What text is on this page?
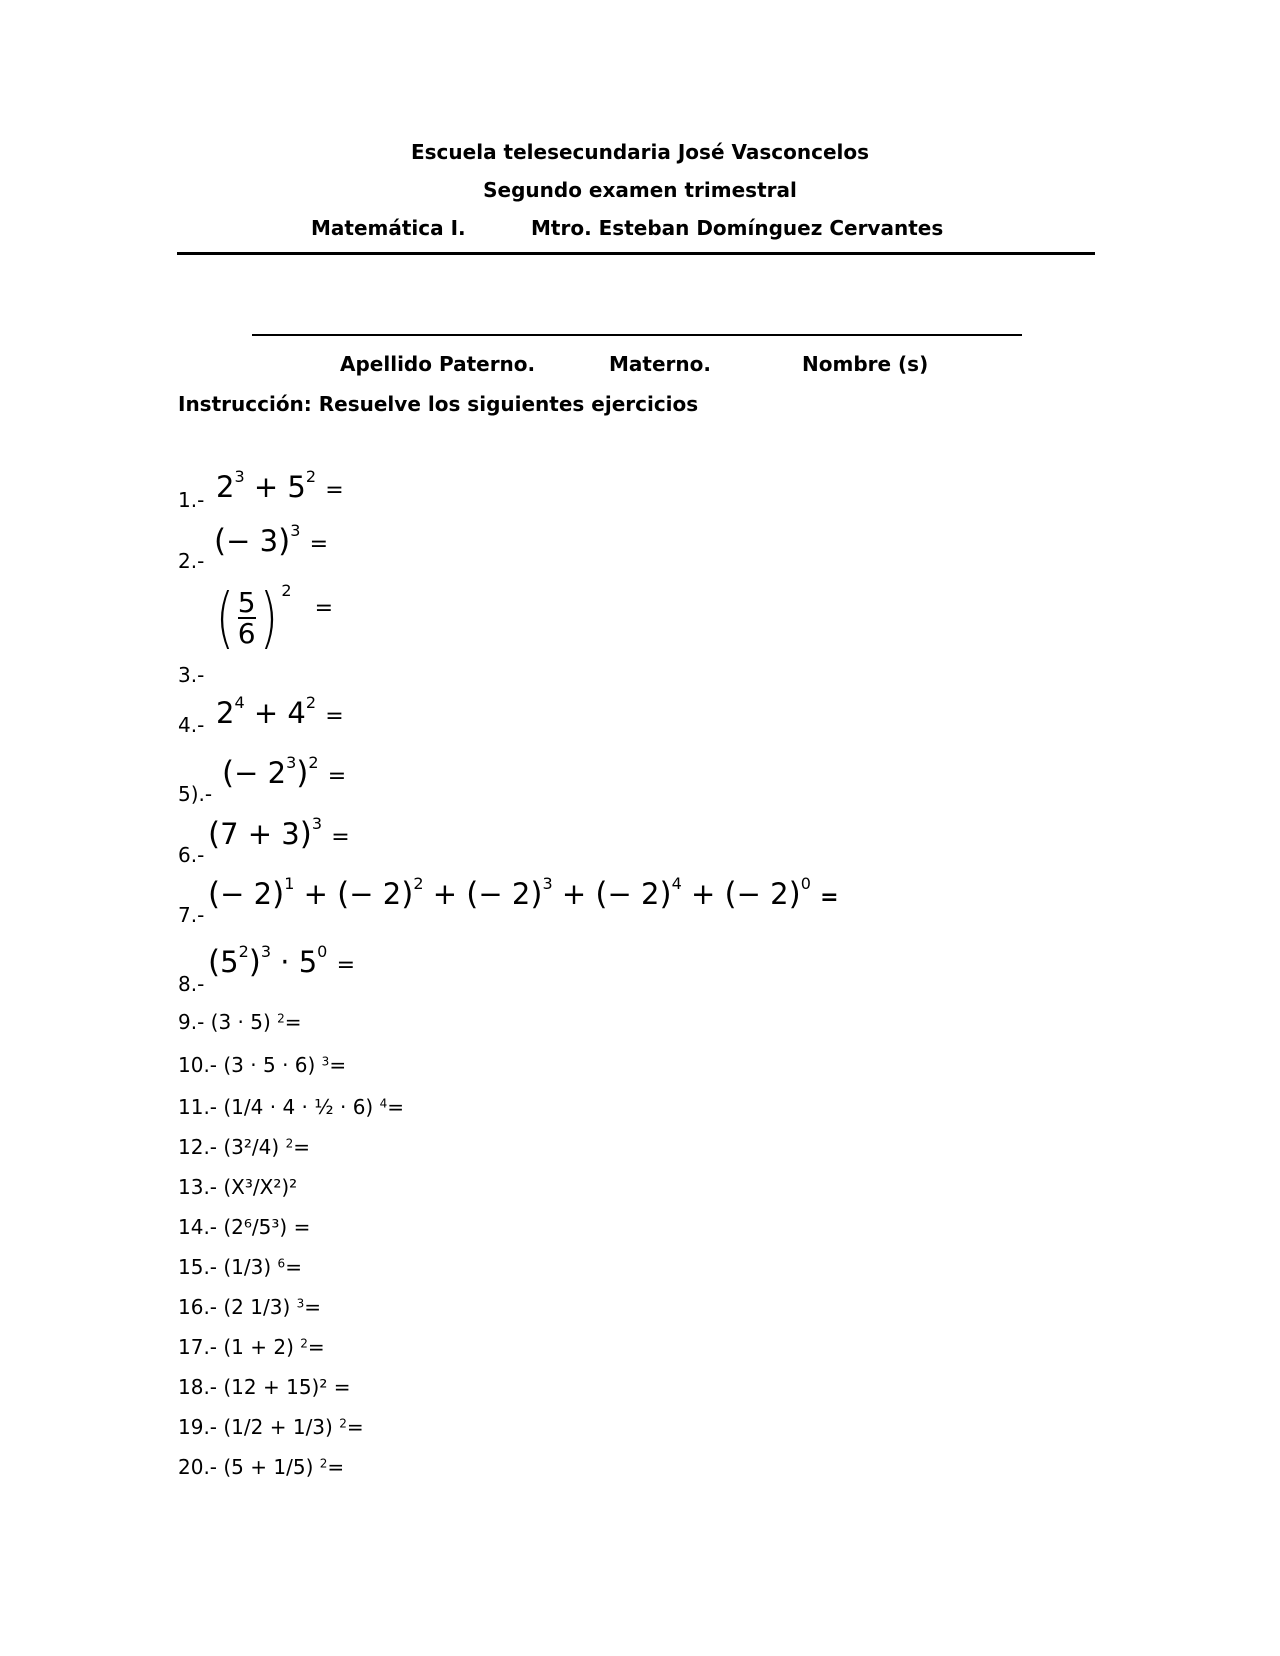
Escuela telesecundaria José Vasconcelos
Segundo examen trimestral
Matemática I.	Mtro. Esteban Domínguez Cervantes
Apellido Paterno.	Materno.	Nombre (s)
Instrucción: Resuelve los siguientes ejercicios
1.- $2^3 + 5^2$ =
2.-
(− 3)$^3$ =
3.-
( $\frac{5}{6}$ ) 2 =
4.- $2^4 + 4^2$ =
5).-
(− $2^3)^2$ =
6.-
$(7 + 3)^3$ =
7.-
(− 2)$^1$ + (− 2)$^2$ + (− 2)$^3$ + (− 2)$^4$ + (− 2)$^0$ =
8.-
$(5^2)^3 \cdot 5^0$ =
9.- (3 · 5) $^2$=
10.- (3 · 5 · 6) $^3$=
11.- (1/4 · 4 · ½ · 6) $^4$=
12.- (3²/4) $^2$=
13.- (X³/X²)²
14.- (2⁶/5³) =
15.- (1/3) $^6$=
16.- (2 1/3) $^3$=
17.- (1 + 2) $^2$=
18.- (12 + 15)² =
19.- (1/2 + 1/3) $^2$=
20.- (5 + 1/5) $^2$=
